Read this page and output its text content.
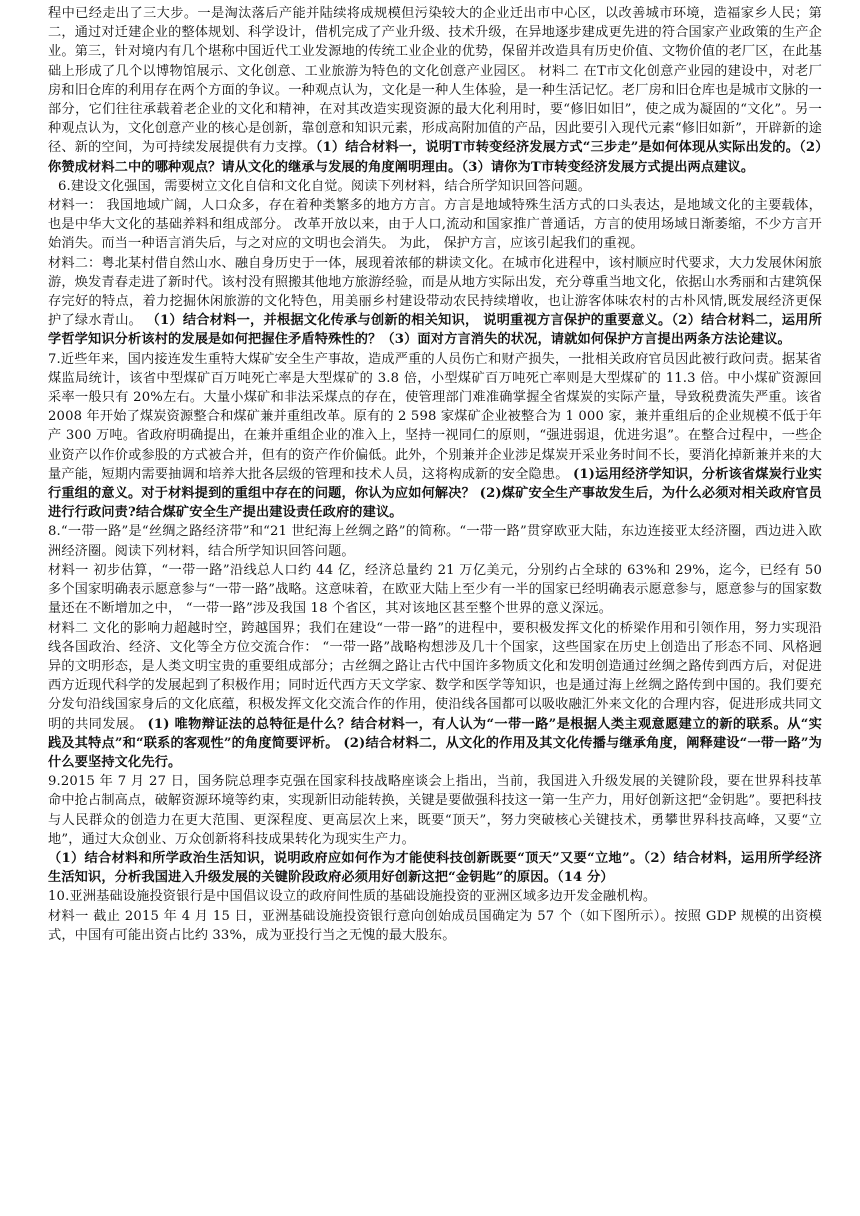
程中已经走出了三大步。一是淘汰落后产能并陆续将成规模但污染较大的企业迁出市中心区，以改善城市环境，造福家乡人民；第二，通过对迁建企业的整体规划、科学设计，借机完成了产业升级、技术升级，在异地逐步建成更先进的符合国家产业政策的生产企业。第三，针对境内有几个堪称中国近代工业发源地的传统工业企业的优势，保留并改造具有历史价值、文物价值的老厂区，在此基础上形成了几个以博物馆展示、文化创意、工业旅游为特色的文化创意产业园区。 材料二 在T市文化创意产业园的建设中，对老厂房和旧仓库的利用存在两个方面的争议。一种观点认为，文化是一种人生体验，是一种生活记忆。老厂房和旧仓库也是城市文脉的一部分，它们往往承载着老企业的文化和精神，在对其改造实现资源的最大化利用时，要“修旧如旧”，使之成为凝固的“文化”。另一种观点认为，文化创意产业的核心是创新，靠创意和知识元素，形成高附加值的产品，因此要引入现代元素“修旧如新”，开辟新的途径、新的空间，为可持续发展提供有力支撑。（1）结合材料一，说明T市转变经济发展方式“三步走”是如何体现从实际出发的。（2）你赞成材料二中的哪种观点？请从文化的继承与发展的角度阐明理由。（3）请你为T市转变经济发展方式提出两点建议。

6.建设文化强国，需要树立文化自信和文化自觉。阅读下列材料，结合所学知识回答问题。

材料一： 我国地域广阔，人口众多，存在着种类繁多的地方方言。方言是地域特殊生活方式的口头表达，是地域文化的主要载体，也是中华大文化的基础养料和组成部分。 改革开放以来，由于人口,流动和国家推广普通话，方言的使用场域日渐萎缩，不少方言开始消失。而当一种语言消失后，与之对应的文明也会消失。 为此， 保护方言，应该引起我们的重视。

材料二：粤北某村借自然山水、融自身历史于一体，展现着浓郁的耕读文化。在城市化进程中，该村顺应时代要求，大力发展休闲旅游，焕发青春走进了新时代。该村没有照搬其他地方旅游经验，而是从地方实际出发，充分尊重当地文化，依据山水秀丽和古建筑保存完好的特点，着力挖掘休闲旅游的文化特色，用美丽乡村建设带动农民持续增收，也让游客体味农村的古朴风情,既发展经济更保护了绿水青山。 （1）结合材料一，并根据文化传承与创新的相关知识， 说明重视方言保护的重要意义。（2）结合材料二，运用所学哲学知识分析该村的发展是如何把握住矛盾特殊性的？（3）面对方言消失的状况，请就如何保护方言提出两条方法论建议。

7.近些年来，国内接连发生重特大煤矿安全生产事故，造成严重的人员伤亡和财产损失，一批相关政府官员因此被行政问责。据某省煤监局统计，该省中型煤矿百万吨死亡率是大型煤矿的 3.8 倍，小型煤矿百万吨死亡率则是大型煤矿的 11.3 倍。中小煤矿资源回采率一般只有 20%左右。大量小煤矿和非法采煤点的存在，使管理部门难准确掌握全省煤炭的实际产量，导致税费流失严重。该省 2008 年开始了煤炭资源整合和煤矿兼并重组改革。原有的 2 598 家煤矿企业被整合为 1 000 家，兼并重组后的企业规模不低于年产 300 万吨。省政府明确提出，在兼并重组企业的准入上，坚持一视同仁的原则，“强进弱退，优进劣退”。在整合过程中，一些企业资产以作价或参股的方式被合并，但有的资产作价偏低。此外，个别兼并企业涉足煤炭开采业务时间不长，要消化掉新兼并来的大量产能，短期内需要抽调和培养大批各层级的管理和技术人员，这将构成新的安全隐患。 (1)运用经济学知识，分析该省煤炭行业实行重组的意义。对于材料提到的重组中存在的问题，你认为应如何解决？ (2)煤矿安全生产事故发生后，为什么必须对相关政府官员进行行政问责?结合煤矿安全生产提出建设责任政府的建议。

8.“一带一路”是“丝绸之路经济带”和“21 世纪海上丝绸之路”的简称。“一带一路”贯穿欧亚大陆，东边连接亚太经济圈，西边进入欧洲经济圈。阅读下列材料，结合所学知识回答问题。

材料一 初步估算，“一带一路”沿线总人口约 44 亿，经济总量约 21 万亿美元，分别约占全球的 63%和 29%，迄今，已经有 50 多个国家明确表示愿意参与“一带一路”战略。这意味着，在欧亚大陆上至少有一半的国家已经明确表示愿意参与，愿意参与的国家数量还在不断增加之中， “一带一路”涉及我国 18 个省区，其对该地区甚至整个世界的意义深远。

材料二 文化的影响力超越时空，跨越国界；我们在建设“一带一路”的进程中，要积极发挥文化的桥梁作用和引领作用，努力实现沿线各国政治、经济、文化等全方位交流合作： “一带一路”战略构想涉及几十个国家，这些国家在历史上创造出了形态不同、风格迥异的文明形态，是人类文明宝贵的重要组成部分；古丝绸之路让古代中国许多物质文化和发明创造通过丝绸之路传到西方后，对促进西方近现代科学的发展起到了积极作用；同时近代西方天文学家、数学和医学等知识，也是通过海上丝绸之路传到中国的。我们要充分发句沿线国家身后的文化底蕴，积极发挥文化交流合作的作用，使沿线各国都可以吸收融汇外来文化的合理内容，促进形成共同文明的共同发展。 (1) 唯物辩证法的总特征是什么？结合材料一，有人认为“一带一路”是根据人类主观意愿建立的新的联系。从“实践及其特点”和“联系的客观性”的角度简要评析。 (2)结合材料二，从文化的作用及其文化传播与继承角度，阐释建设“一带一路”为什么要坚持文化先行。

9.2015 年 7 月 27 日，国务院总理李克强在国家科技战略座谈会上指出，当前，我国进入升级发展的关键阶段，要在世界科技革命中抢占制高点，破解资源环境等约束，实现新旧动能转换，关键是要做强科技这一第一生产力，用好创新这把“金钥匙”。要把科技与人民群众的创造力在更大范围、更深程度、更高层次上来，既要“顶天”，努力突破核心关键技术，勇攀世界科技高峰，又要“立地”，通过大众创业、万众创新将科技成果转化为现实生产力。

（1）结合材料和所学政治生活知识，说明政府应如何作为才能使科技创新既要“顶天”又要“立地”。（2）结合材料，运用所学经济生活知识，分析我国进入升级发展的关键阶段政府必须用好创新这把“金钥匙”的原因。（14 分）

10.亚洲基础设施投资银行是中国倡议设立的政府间性质的基础设施投资的亚洲区域多边开发金融机构。

材料一 截止 2015 年 4 月 15 日，亚洲基础设施投资银行意向创始成员国确定为 57 个（如下图所示）。按照 GDP 规模的出资模式，中国有可能出资占比约 33%，成为亚投行当之无愧的最大股东。
